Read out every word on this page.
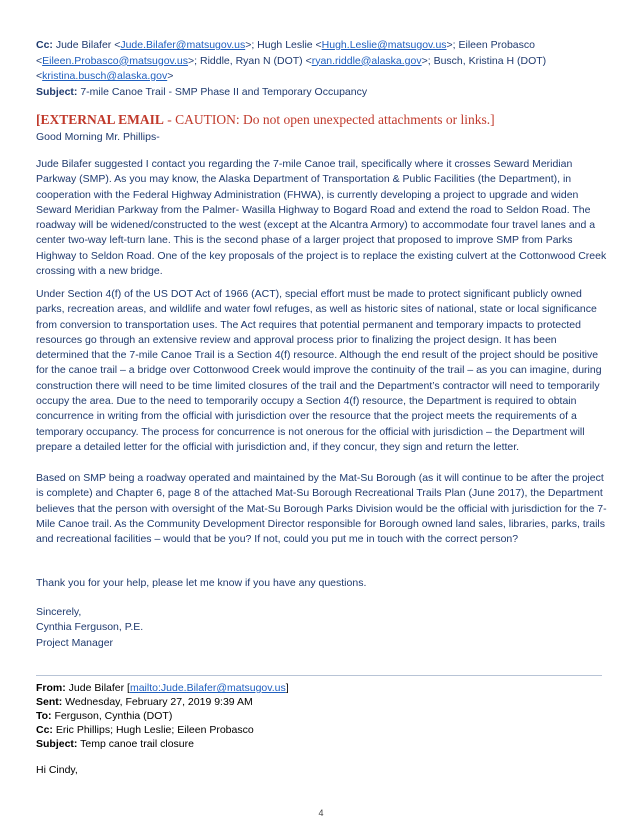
Cc: Jude Bilafer <Jude.Bilafer@matsugov.us>; Hugh Leslie <Hugh.Leslie@matsugov.us>; Eileen Probasco <Eileen.Probasco@matsugov.us>; Riddle, Ryan N (DOT) <ryan.riddle@alaska.gov>; Busch, Kristina H (DOT) <kristina.busch@alaska.gov>
Subject: 7-mile Canoe Trail - SMP Phase II and Temporary Occupancy
[EXTERNAL EMAIL - CAUTION: Do not open unexpected attachments or links.]

Good Morning Mr. Phillips-

Jude Bilafer suggested I contact you regarding the 7-mile Canoe trail, specifically where it crosses Seward Meridian Parkway (SMP). As you may know, the Alaska Department of Transportation & Public Facilities (the Department), in cooperation with the Federal Highway Administration (FHWA), is currently developing a project to upgrade and widen Seward Meridian Parkway from the Palmer- Wasilla Highway to Bogard Road and extend the road to Seldon Road. The roadway will be widened/constructed to the west (except at the Alcantra Armory) to accommodate four travel lanes and a center two-way left-turn lane. This is the second phase of a larger project that proposed to improve SMP from Parks Highway to Seldon Road. One of the key proposals of the project is to replace the existing culvert at the Cottonwood Creek crossing with a new bridge.

Under Section 4(f) of the US DOT Act of 1966 (ACT), special effort must be made to protect significant publicly owned parks, recreation areas, and wildlife and water fowl refuges, as well as historic sites of national, state or local significance from conversion to transportation uses. The Act requires that potential permanent and temporary impacts to protected resources go through an extensive review and approval process prior to finalizing the project design. It has been determined that the 7-mile Canoe Trail is a Section 4(f) resource. Although the end result of the project should be positive for the canoe trail – a bridge over Cottonwood Creek would improve the continuity of the trail – as you can imagine, during construction there will need to be time limited closures of the trail and the Department’s contractor will need to temporarily occupy the area. Due to the need to temporarily occupy a Section 4(f) resource, the Department is required to obtain concurrence in writing from the official with jurisdiction over the resource that the project meets the requirements of a temporary occupancy. The process for concurrence is not onerous for the official with jurisdiction – the Department will prepare a detailed letter for the official with jurisdiction and, if they concur, they sign and return the letter.

Based on SMP being a roadway operated and maintained by the Mat-Su Borough (as it will continue to be after the project is complete) and Chapter 6, page 8 of the attached Mat-Su Borough Recreational Trails Plan (June 2017), the Department believes that the person with oversight of the Mat-Su Borough Parks Division would be the official with jurisdiction for the 7-Mile Canoe trail. As the Community Development Director responsible for Borough owned land sales, libraries, parks, trails and recreational facilities – would that be you? If not, could you put me in touch with the correct person?

Thank you for your help, please let me know if you have any questions.

Sincerely,
Cynthia Ferguson, P.E.
Project Manager
From: Jude Bilafer [mailto:Jude.Bilafer@matsugov.us]
Sent: Wednesday, February 27, 2019 9:39 AM
To: Ferguson, Cynthia (DOT)
Cc: Eric Phillips; Hugh Leslie; Eileen Probasco
Subject: Temp canoe trail closure
Hi Cindy,
4
